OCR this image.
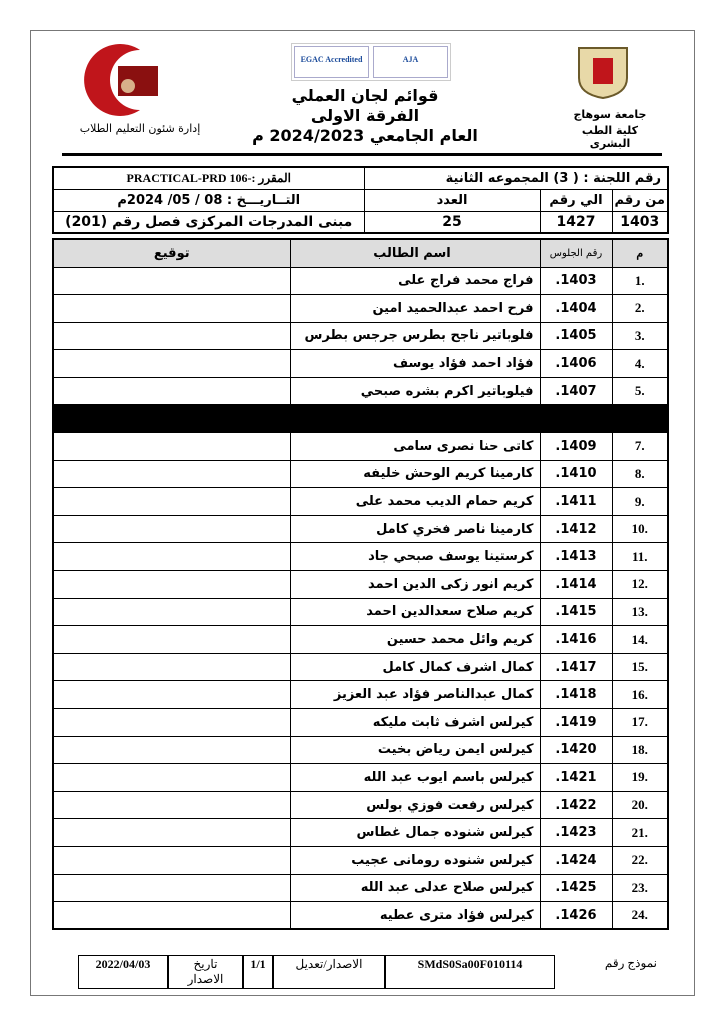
EGAC Accredited	AJA
قوائم لجان العملي
الفرقة الاولى
العام الجامعي 2024/2023 م
إدارة شئون التعليم الطلاب
جامعة سوهاج
كلية الطب البشرى
رقم اللجنة : ( 3) المجموعه الثانية			المقرر :-PRACTICAL-PRD 106
من رقم	الي رقم	العدد	التــاريـــخ : 08 / 05/ 2024م
1403	1427	25	مبنى المدرجات المركزى فصل رقم (201)
م	رقم الجلوس	اسم الطالب	توقيع
.1	1403.	فراج محمد فراج على	
.2	1404.	فرح احمد عبدالحميد امين	
.3	1405.	فلوباتير ناجح بطرس جرجس بطرس	
.4	1406.	فؤاد احمد فؤاد يوسف	
.5	1407.	فيلوباتير اكرم بشره صبحي	

.7	1409.	كاتى حنا نصرى سامى	
.8	1410.	كارمينا كريم الوحش خليفه	
.9	1411.	كريم حمام الديب محمد على	
.10	1412.	كارمينا ناصر فخري كامل	
.11	1413.	كرستينا يوسف صبحي جاد	
.12	1414.	كريم انور زكى الدين احمد	
.13	1415.	كريم صلاح سعدالدين احمد	
.14	1416.	كريم وائل محمد حسين	
.15	1417.	كمال اشرف كمال كامل	
.16	1418.	كمال عبدالناصر فؤاد عبد العزيز	
.17	1419.	كيرلس اشرف ثابت مليكه	
.18	1420.	كيرلس ايمن رياض بخيت	
.19	1421.	كيرلس باسم ايوب عبد الله	
.20	1422.	كيرلس رفعت فوزي بولس	
.21	1423.	كيرلس شنوده جمال غطاس	
.22	1424.	كيرلس شنوده رومانى عجيب	
.23	1425.	كيرلس صلاح عدلى عبد الله	
.24	1426.	كيرلس فؤاد مترى عطيه	
نموذج رقم
SMdS0Sa00F010114
الاصدار/تعديل
1/1
تاريخ الاصدار
2022/04/03
